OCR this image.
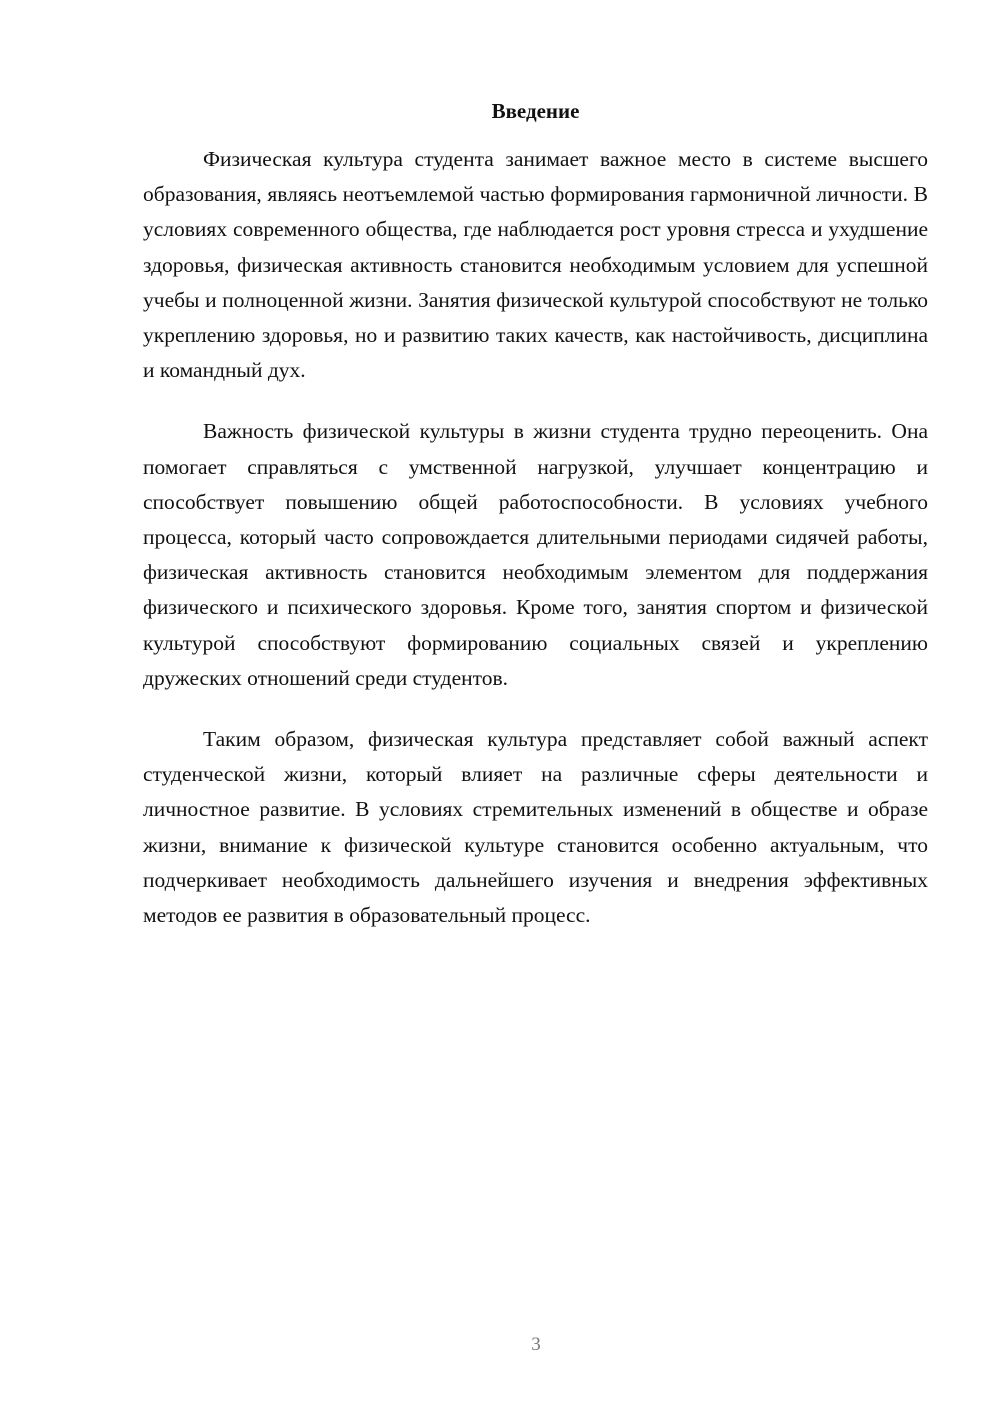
Введение

Физическая культура студента занимает важное место в системе высшего образования, являясь неотъемлемой частью формирования гармоничной личности. В условиях современного общества, где наблюдается рост уровня стресса и ухудшение здоровья, физическая активность становится необходимым условием для успешной учебы и полноценной жизни. Занятия физической культурой способствуют не только укреплению здоровья, но и развитию таких качеств, как настойчивость, дисциплина и командный дух.

Важность физической культуры в жизни студента трудно переоценить. Она помогает справляться с умственной нагрузкой, улучшает концентрацию и способствует повышению общей работоспособности. В условиях учебного процесса, который часто сопровождается длительными периодами сидячей работы, физическая активность становится необходимым элементом для поддержания физического и психического здоровья. Кроме того, занятия спортом и физической культурой способствуют формированию социальных связей и укреплению дружеских отношений среди студентов.

Таким образом, физическая культура представляет собой важный аспект студенческой жизни, который влияет на различные сферы деятельности и личностное развитие. В условиях стремительных изменений в обществе и образе жизни, внимание к физической культуре становится особенно актуальным, что подчеркивает необходимость дальнейшего изучения и внедрения эффективных методов ее развития в образовательный процесс.

3
